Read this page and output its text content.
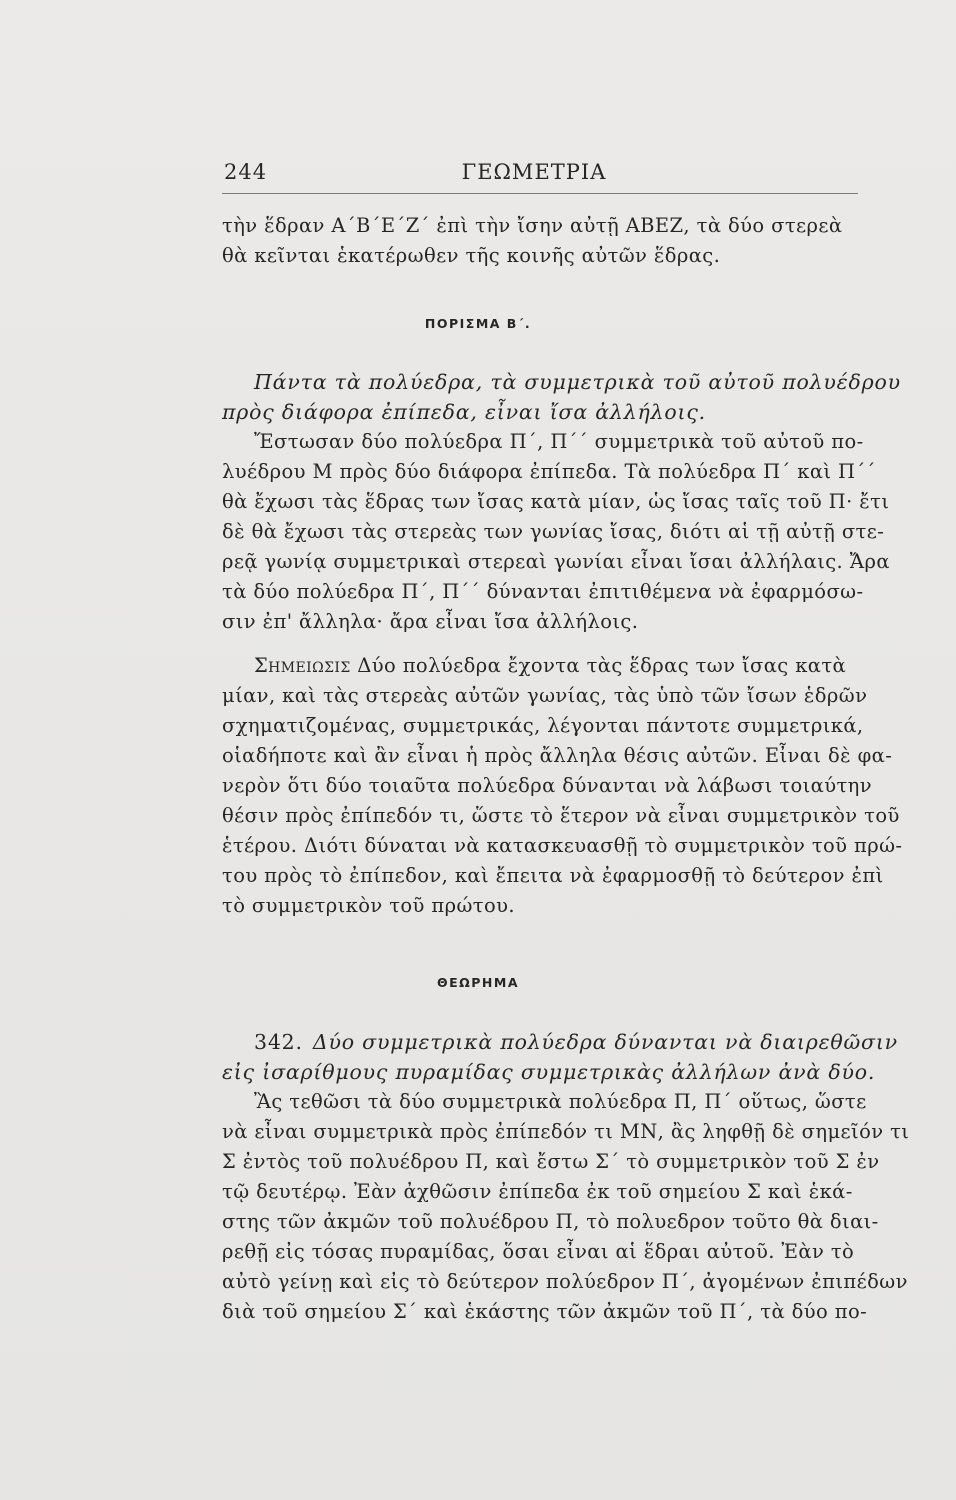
244	ΓΕΩΜΕΤΡΙΑ
τὴν ἕδραν Α΄Β΄Ε΄Ζ΄ ἐπὶ τὴν ἴσην αὐτῇ ΑΒΕΖ, τὰ δύο στερεὰ
θὰ κεῖνται ἑκατέρωθεν τῆς κοινῆς αὐτῶν ἕδρας.
ΠΟΡΙΣΜΑ Β΄.
Πάντα τὰ πολύεδρα, τὰ συμμετρικὰ τοῦ αὐτοῦ πολυέδρου
πρὸς διάφορα ἐπίπεδα, εἶναι ἴσα ἀλλήλοις.
Ἔστωσαν δύο πολύεδρα Π΄, Π΄΄ συμμετρικὰ τοῦ αὐτοῦ πο-
λυέδρου Μ πρὸς δύο διάφορα ἐπίπεδα. Τὰ πολύεδρα Π΄ καὶ Π΄΄
θὰ ἔχωσι τὰς ἕδρας των ἴσας κατὰ μίαν, ὡς ἴσας ταῖς τοῦ Π· ἔτι
δὲ θὰ ἔχωσι τὰς στερεὰς των γωνίας ἴσας, διότι αἱ τῇ αὐτῇ στε-
ρεᾷ γωνίᾳ συμμετρικαὶ στερεαὶ γωνίαι εἶναι ἴσαι ἀλλήλαις. Ἄρα
τὰ δύο πολύεδρα Π΄, Π΄΄ δύνανται ἐπιτιθέμενα νὰ ἐφαρμόσω-
σιν ἐπ' ἄλληλα· ἄρα εἶναι ἴσα ἀλλήλοις.
Σημειωσις Δύο πολύεδρα ἔχοντα τὰς ἕδρας των ἴσας κατὰ
μίαν, καὶ τὰς στερεὰς αὐτῶν γωνίας, τὰς ὑπὸ τῶν ἴσων ἑδρῶν
σχηματιζομένας, συμμετρικάς, λέγονται πάντοτε συμμετρικά,
οἱαδήποτε καὶ ἂν εἶναι ἡ πρὸς ἄλληλα θέσις αὐτῶν. Εἶναι δὲ φα-
νερὸν ὅτι δύο τοιαῦτα πολύεδρα δύνανται νὰ λάβωσι τοιαύτην
θέσιν πρὸς ἐπίπεδόν τι, ὥστε τὸ ἕτερον νὰ εἶναι συμμετρικὸν τοῦ
ἑτέρου. Διότι δύναται νὰ κατασκευασθῇ τὸ συμμετρικὸν τοῦ πρώ-
του πρὸς τὸ ἐπίπεδον, καὶ ἔπειτα νὰ ἐφαρμοσθῇ τὸ δεύτερον ἐπὶ
τὸ συμμετρικὸν τοῦ πρώτου.
ΘΕΩΡΗΜΑ
342. Δύο συμμετρικὰ πολύεδρα δύνανται νὰ διαιρεθῶσιν
εἰς ἰσαρίθμους πυραμίδας συμμετρικὰς ἀλλήλων ἀνὰ δύο.
Ἂς τεθῶσι τὰ δύο συμμετρικὰ πολύεδρα Π, Π΄ οὕτως, ὥστε
νὰ εἶναι συμμετρικὰ πρὸς ἐπίπεδόν τι ΜΝ, ἂς ληφθῇ δὲ σημεῖόν τι
Σ ἐντὸς τοῦ πολυέδρου Π, καὶ ἔστω Σ΄ τὸ συμμετρικὸν τοῦ Σ ἐν
τῷ δευτέρῳ. Ἐὰν ἀχθῶσιν ἐπίπεδα ἐκ τοῦ σημείου Σ καὶ ἑκά-
στης τῶν ἀκμῶν τοῦ πολυέδρου Π, τὸ πολυεδρον τοῦτο θὰ διαι-
ρεθῇ εἰς τόσας πυραμίδας, ὅσαι εἶναι αἱ ἕδραι αὐτοῦ. Ἐὰν τὸ
αὐτὸ γείνῃ καὶ εἰς τὸ δεύτερον πολύεδρον Π΄, ἀγομένων ἐπιπέδων
διὰ τοῦ σημείου Σ΄ καὶ ἑκάστης τῶν ἀκμῶν τοῦ Π΄, τὰ δύο πο-
